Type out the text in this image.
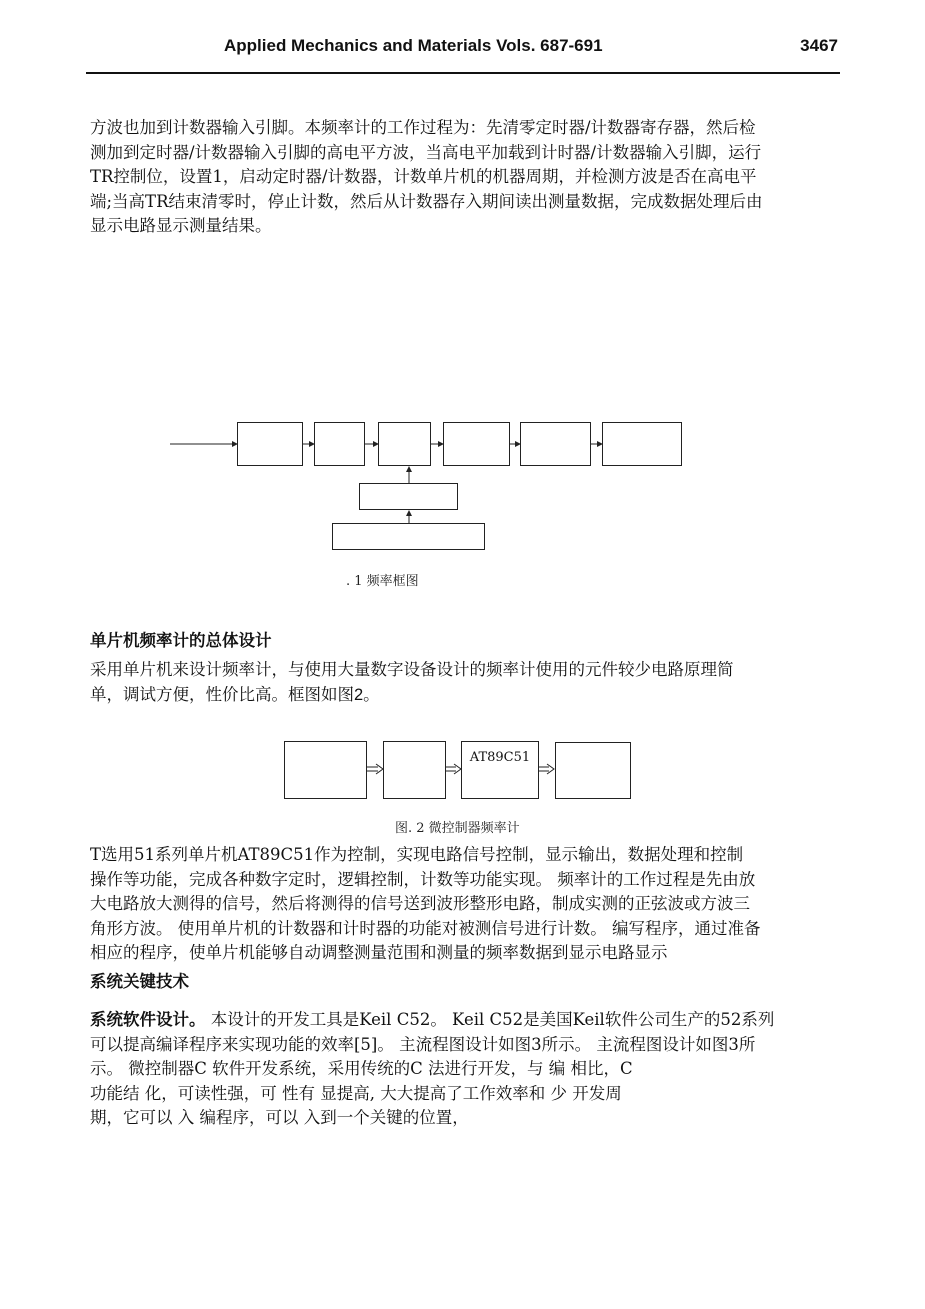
Applied Mechanics and Materials Vols. 687-691	3467
方波也加到计数器输入引脚。本频率计的工作过程为：先清零定时器/计数器寄存器，然后检
测加到定时器/计数器输入引脚的高电平方波，当高电平加载到计时器/计数器输入引脚，运行
TR控制位，设置1，启动定时器/计数器，计数单片机的机器周期，并检测方波是否在高电平
端;当高TR结束清零时，停止计数，然后从计数器存入期间读出测量数据，完成数据处理后由
显示电路显示测量结果。
. 1 频率框图
单片机频率计的总体设计
采用单片机来设计频率计，与使用大量数字设备设计的频率计使用的元件较少电路原理简
单，调试方便，性价比高。框图如图2。
AT89C51
图. 2 微控制器频率计
T选用51系列单片机AT89C51作为控制，实现电路信号控制，显示输出，数据处理和控制
操作等功能，完成各种数字定时，逻辑控制，计数等功能实现。 频率计的工作过程是先由放
大电路放大测得的信号，然后将测得的信号送到波形整形电路，制成实测的正弦波或方波三
角形方波。 使用单片机的计数器和计时器的功能对被测信号进行计数。 编写程序，通过准备
相应的程序，使单片机能够自动调整测量范围和测量的频率数据到显示电路显示
系统关键技术
系统软件设计。 本设计的开发工具是Keil C52。 Keil C52是美国Keil软件公司生产的52系列
可以提高编译程序来实现功能的效率[5]。 主流程图设计如图3所示。 主流程图设计如图3所
示。 微控制器C 软件开发系统，采用传统的C 法进行开发，与 编 相比，C
功能结 化，可读性强，可 性有 显提高, 大大提高了工作效率和 少 开发周
期，它可以 入 编程序，可以 入到一个关键的位置，
